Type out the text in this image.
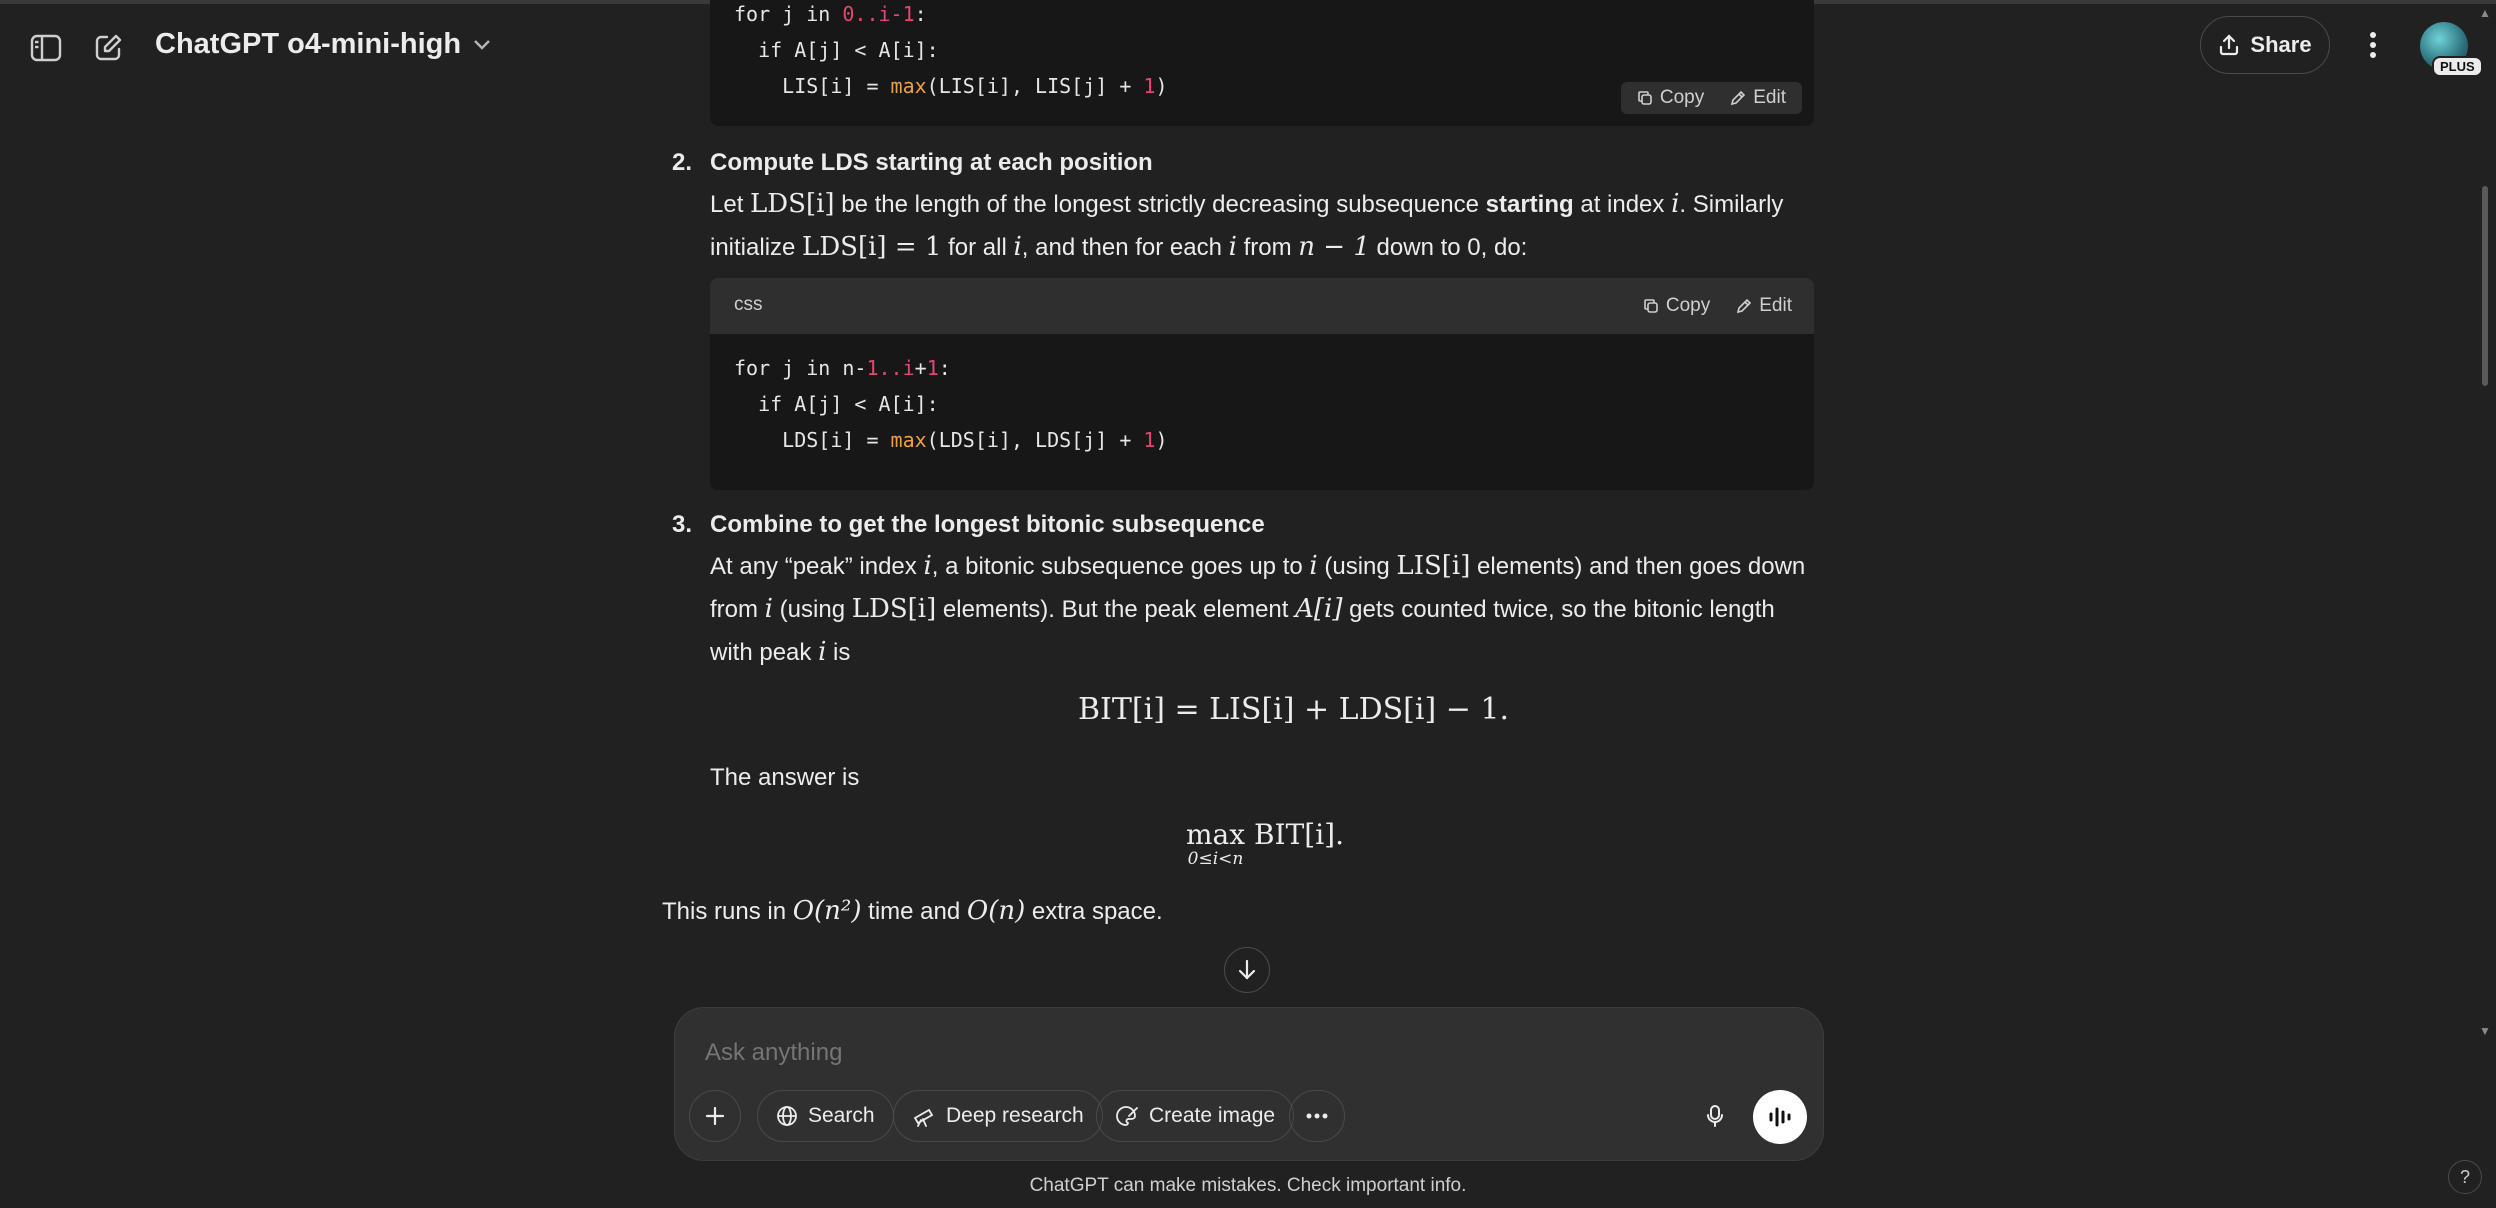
ChatGPT o4-mini-high	Share
PLUS
for j in 0..i-1:
if A[j] < A[i]:
LIS[i] = max(LIS[i], LIS[j] + 1)	Copy	Edit
2. Compute LDS starting at each position
Let LDS[i] be the length of the longest strictly decreasing subsequence starting at index i. Similarly initialize LDS[i] = 1 for all i, and then for each i from n − 1 down to 0, do:
css	Copy	Edit
for j in n-1..i+1:
if A[j] < A[i]:
LDS[i] = max(LDS[i], LDS[j] + 1)
3. Combine to get the longest bitonic subsequence
At any “peak” index i, a bitonic subsequence goes up to i (using LIS[i] elements) and then goes down from i (using LDS[i] elements). But the peak element A[i] gets counted twice, so the bitonic length with peak i is
BIT[i] = LIS[i] + LDS[i] − 1.
The answer is
max
0≤i<n
BIT[i].
This runs in O(n²) time and O(n) extra space.
Ask anything
Search	Deep research	Create image
ChatGPT can make mistakes. Check important info.	?
▲
▼
